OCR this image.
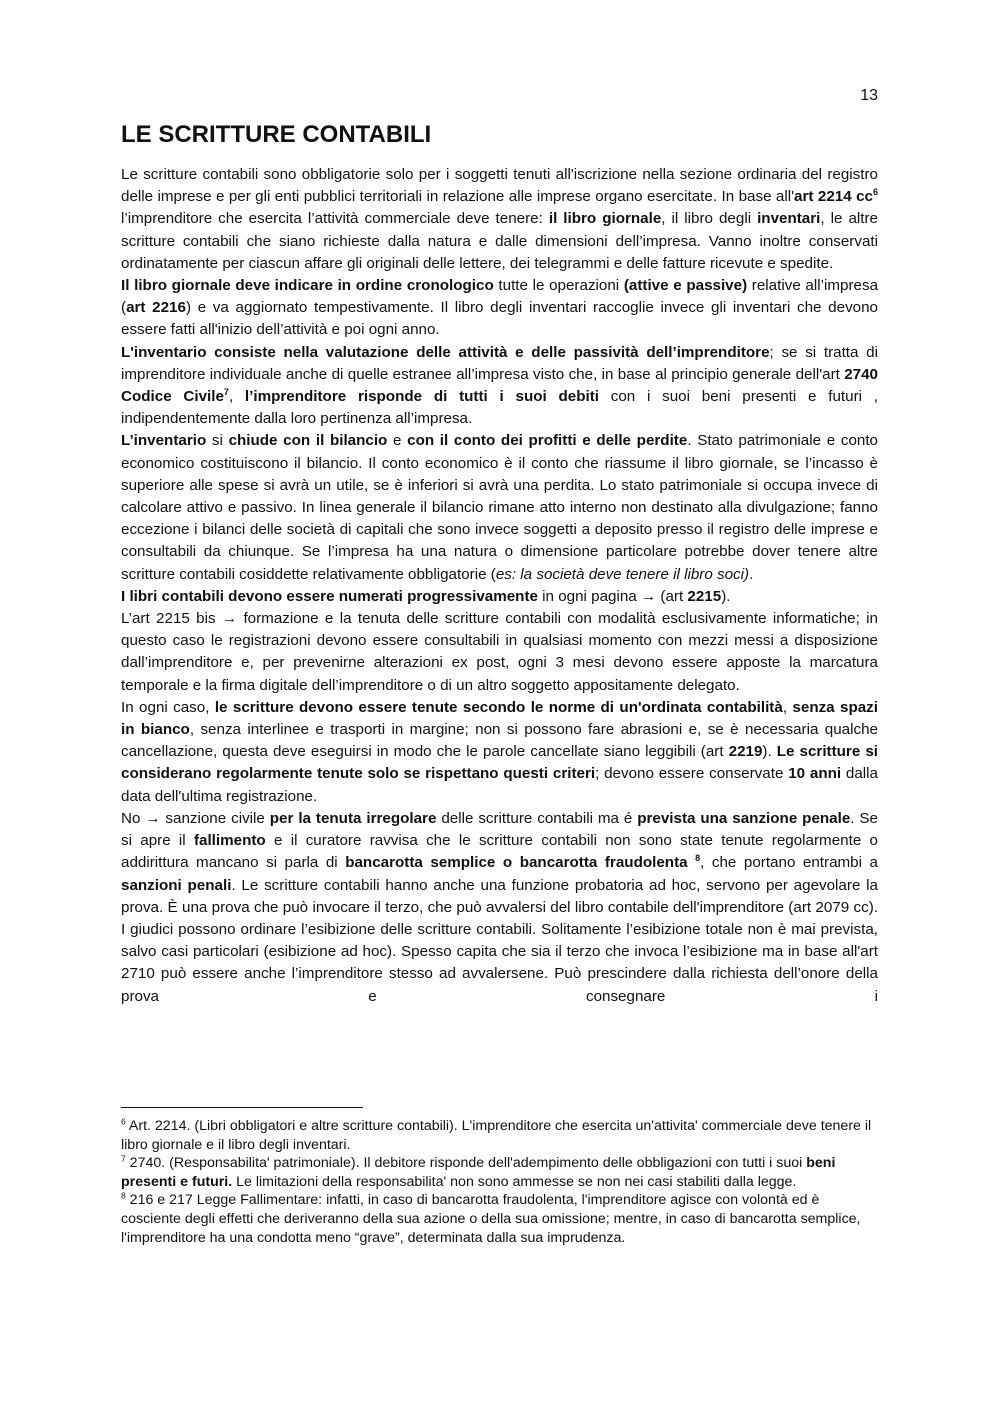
13
LE SCRITTURE CONTABILI

Le scritture contabili sono obbligatorie solo per i soggetti tenuti all'iscrizione nella sezione ordinaria del registro delle imprese e per gli enti pubblici territoriali in relazione alle imprese organo esercitate. In base all'art 2214 $cc^6$ l’imprenditore che esercita l’attività commerciale deve tenere: il libro giornale, il libro degli inventari, le altre scritture contabili che siano richieste dalla natura e dalle dimensioni dell’impresa. Vanno inoltre conservati ordinatamente per ciascun affare gli originali delle lettere, dei telegrammi e delle fatture ricevute e spedite.

Il libro giornale deve indicare in ordine cronologico tutte le operazioni (attive e passive) relative all’impresa (art 2216) e va aggiornato tempestivamente. Il libro degli inventari raccoglie invece gli inventari che devono essere fatti all'inizio dell’attività e poi ogni anno.

L'inventario consiste nella valutazione delle attività e delle passività dell’imprenditore; se si tratta di imprenditore individuale anche di quelle estranee all’impresa visto che, in base al principio generale dell'art 2740 Codice Civile$^7$, l’imprenditore risponde di tutti i suoi debiti con i suoi beni presenti e futuri , indipendentemente dalla loro pertinenza all’impresa.

L’inventario si chiude con il bilancio e con il conto dei profitti e delle perdite. Stato patrimoniale e conto economico costituiscono il bilancio. Il conto economico è il conto che riassume il libro giornale, se l’incasso è superiore alle spese si avrà un utile, se è inferiori si avrà una perdita. Lo stato patrimoniale si occupa invece di calcolare attivo e passivo. In linea generale il bilancio rimane atto interno non destinato alla divulgazione; fanno eccezione i bilanci delle società di capitali che sono invece soggetti a deposito presso il registro delle imprese e consultabili da chiunque. Se l’impresa ha una natura o dimensione particolare potrebbe dover tenere altre scritture contabili cosiddette relativamente obbligatorie (es: la società deve tenere il libro soci).

I libri contabili devono essere numerati progressivamente in ogni pagina → (art 2215).

L’art 2215 bis → formazione e la tenuta delle scritture contabili con modalità esclusivamente informatiche; in questo caso le registrazioni devono essere consultabili in qualsiasi momento con mezzi messi a disposizione dall’imprenditore e, per prevenirne alterazioni ex post, ogni 3 mesi devono essere apposte la marcatura temporale e la firma digitale dell’imprenditore o di un altro soggetto appositamente delegato.

In ogni caso, le scritture devono essere tenute secondo le norme di un'ordinata contabilità, senza spazi in bianco, senza interlinee e trasporti in margine; non si possono fare abrasioni e, se è necessaria qualche cancellazione, questa deve eseguirsi in modo che le parole cancellate siano leggibili (art 2219). Le scritture si considerano regolarmente tenute solo se rispettano questi criteri; devono essere conservate 10 anni dalla data dell'ultima registrazione.

No → sanzione civile per la tenuta irregolare delle scritture contabili ma é prevista una sanzione penale. Se si apre il fallimento e il curatore ravvisa che le scritture contabili non sono state tenute regolarmente o addirittura mancano si parla di bancarotta semplice o bancarotta fraudolenta $^8$, che portano entrambi a sanzioni penali. Le scritture contabili hanno anche una funzione probatoria ad hoc, servono per agevolare la prova. È una prova che può invocare il terzo, che può avvalersi del libro contabile dell'imprenditore (art 2079 cc). I giudici possono ordinare l’esibizione delle scritture contabili. Solitamente l’esibizione totale non è mai prevista, salvo casi particolari (esibizione ad hoc). Spesso capita che sia il terzo che invoca l’esibizione ma in base all'art 2710 può essere anche l’imprenditore stesso ad avvalersene. Può prescindere dalla richiesta dell’onore della prova e consegnare i

$^6$ Art. 2214. (Libri obbligatori e altre scritture contabili). L'imprenditore che esercita un'attivita' commerciale deve tenere il libro giornale e il libro degli inventari.

$^7$ 2740. (Responsabilita' patrimoniale). Il debitore risponde dell'adempimento delle obbligazioni con tutti i suoi beni presenti e futuri. Le limitazioni della responsabilita' non sono ammesse se non nei casi stabiliti dalla legge.

$^8$ 216 e 217 Legge Fallimentare: infatti, in caso di bancarotta fraudolenta, l'imprenditore agisce con volontà ed è cosciente degli effetti che deriveranno della sua azione o della sua omissione; mentre, in caso di bancarotta semplice, l'imprenditore ha una condotta meno “grave”, determinata dalla sua imprudenza.
